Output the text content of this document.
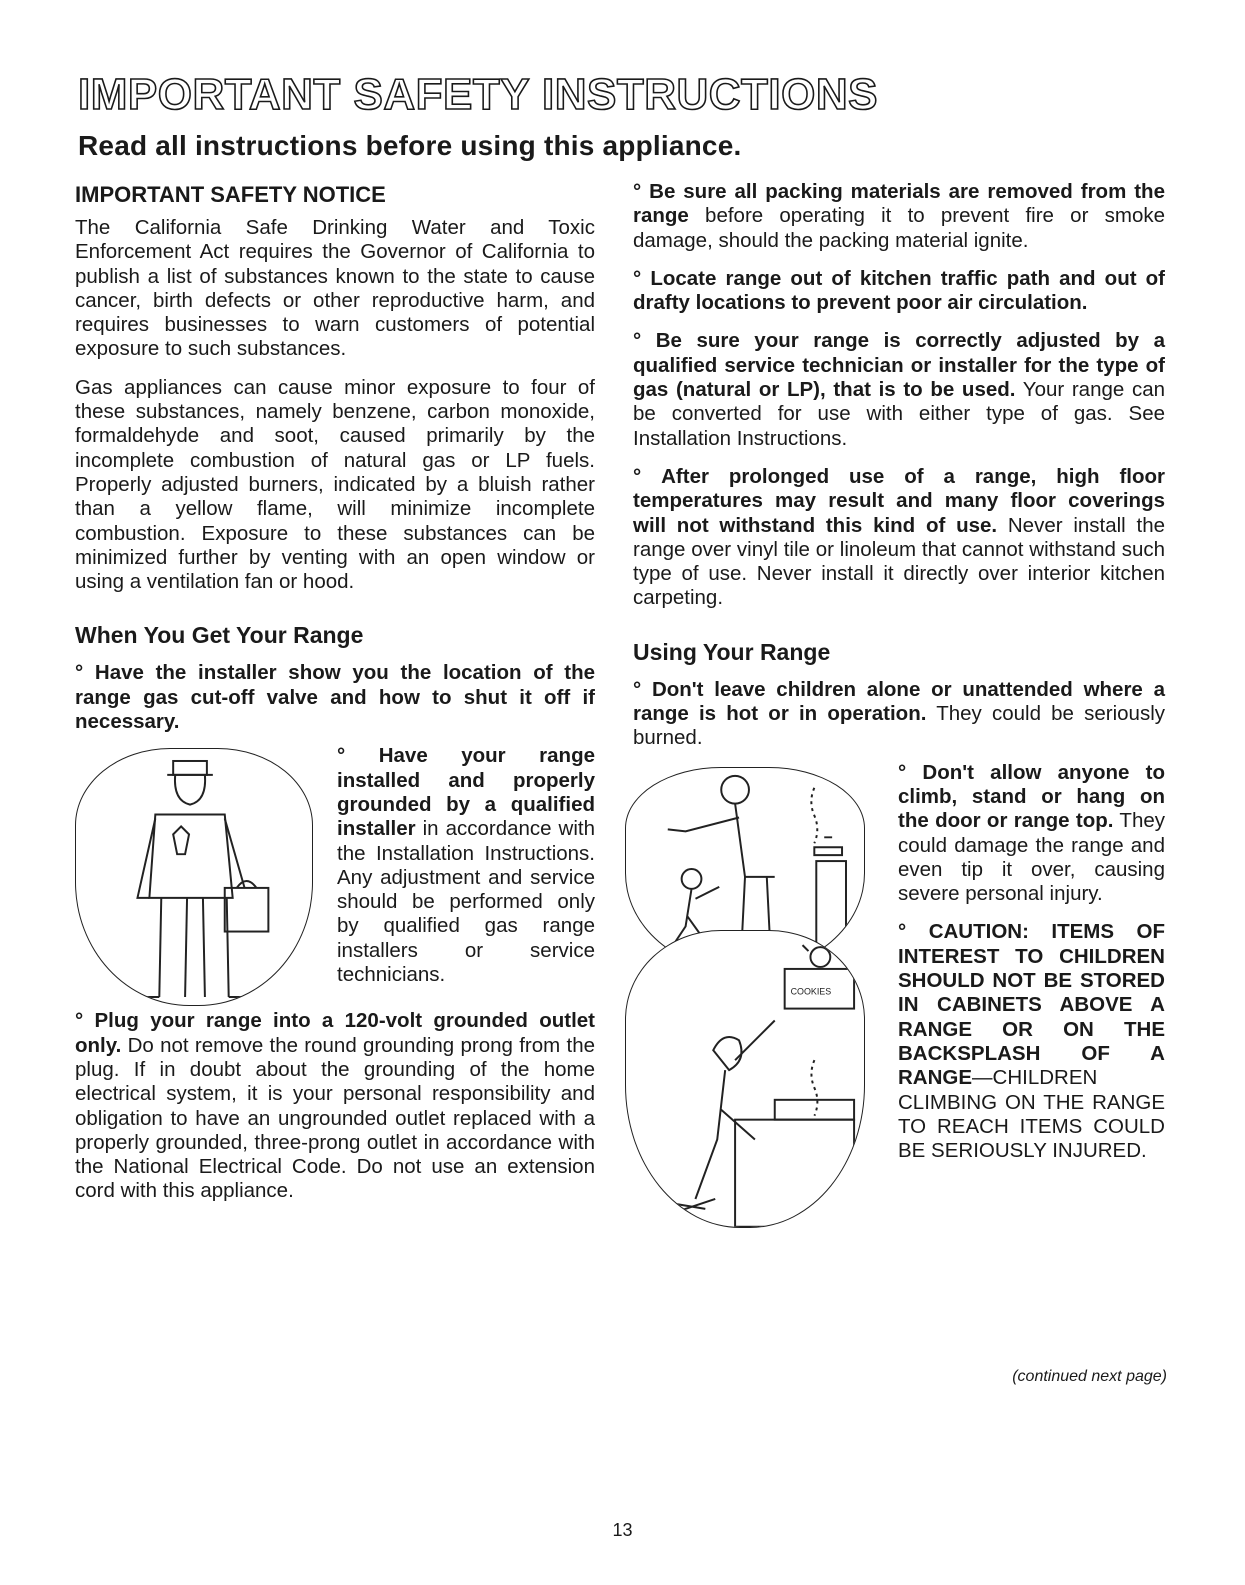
IMPORTANT SAFETY INSTRUCTIONS
Read all instructions before using this appliance.
IMPORTANT SAFETY NOTICE

The California Safe Drinking Water and Toxic Enforcement Act requires the Governor of California to publish a list of substances known to the state to cause cancer, birth defects or other reproductive harm, and requires businesses to warn customers of potential exposure to such substances.

Gas appliances can cause minor exposure to four of these substances, namely benzene, carbon monoxide, formaldehyde and soot, caused primarily by the incomplete combustion of natural gas or LP fuels. Properly adjusted burners, indicated by a bluish rather than a yellow flame, will minimize incomplete combustion. Exposure to these substances can be minimized further by venting with an open window or using a ventilation fan or hood.

When You Get Your Range

° Have the installer show you the location of the range gas cut-off valve and how to shut it off if necessary.

° Have your range installed and properly grounded by a qualified installer in accordance with the Installation Instructions. Any adjustment and service should be performed only by qualified gas range installers or service technicians.

° Plug your range into a 120-volt grounded outlet only. Do not remove the round grounding prong from the plug. If in doubt about the grounding of the home electrical system, it is your personal responsibility and obligation to have an ungrounded outlet replaced with a properly grounded, three-prong outlet in accordance with the National Electrical Code. Do not use an extension cord with this appliance.

° Be sure all packing materials are removed from the range before operating it to prevent fire or smoke damage, should the packing material ignite.

° Locate range out of kitchen traffic path and out of drafty locations to prevent poor air circulation.

° Be sure your range is correctly adjusted by a qualified service technician or installer for the type of gas (natural or LP), that is to be used. Your range can be converted for use with either type of gas. See Installation Instructions.

° After prolonged use of a range, high floor temperatures may result and many floor coverings will not withstand this kind of use. Never install the range over vinyl tile or linoleum that cannot withstand such type of use. Never install it directly over interior kitchen carpeting.

Using Your Range

° Don't leave children alone or unattended where a range is hot or in operation. They could be seriously burned.

° Don't allow anyone to climb, stand or hang on the door or range top. They could damage the range and even tip it over, causing severe personal injury.

COOKIES

° CAUTION: ITEMS OF INTEREST TO CHILDREN SHOULD NOT BE STORED IN CABINETS ABOVE A RANGE OR ON THE BACKSPLASH OF A RANGE—CHILDREN CLIMBING ON THE RANGE TO REACH ITEMS COULD BE SERIOUSLY INJURED.

(continued next page)
13
